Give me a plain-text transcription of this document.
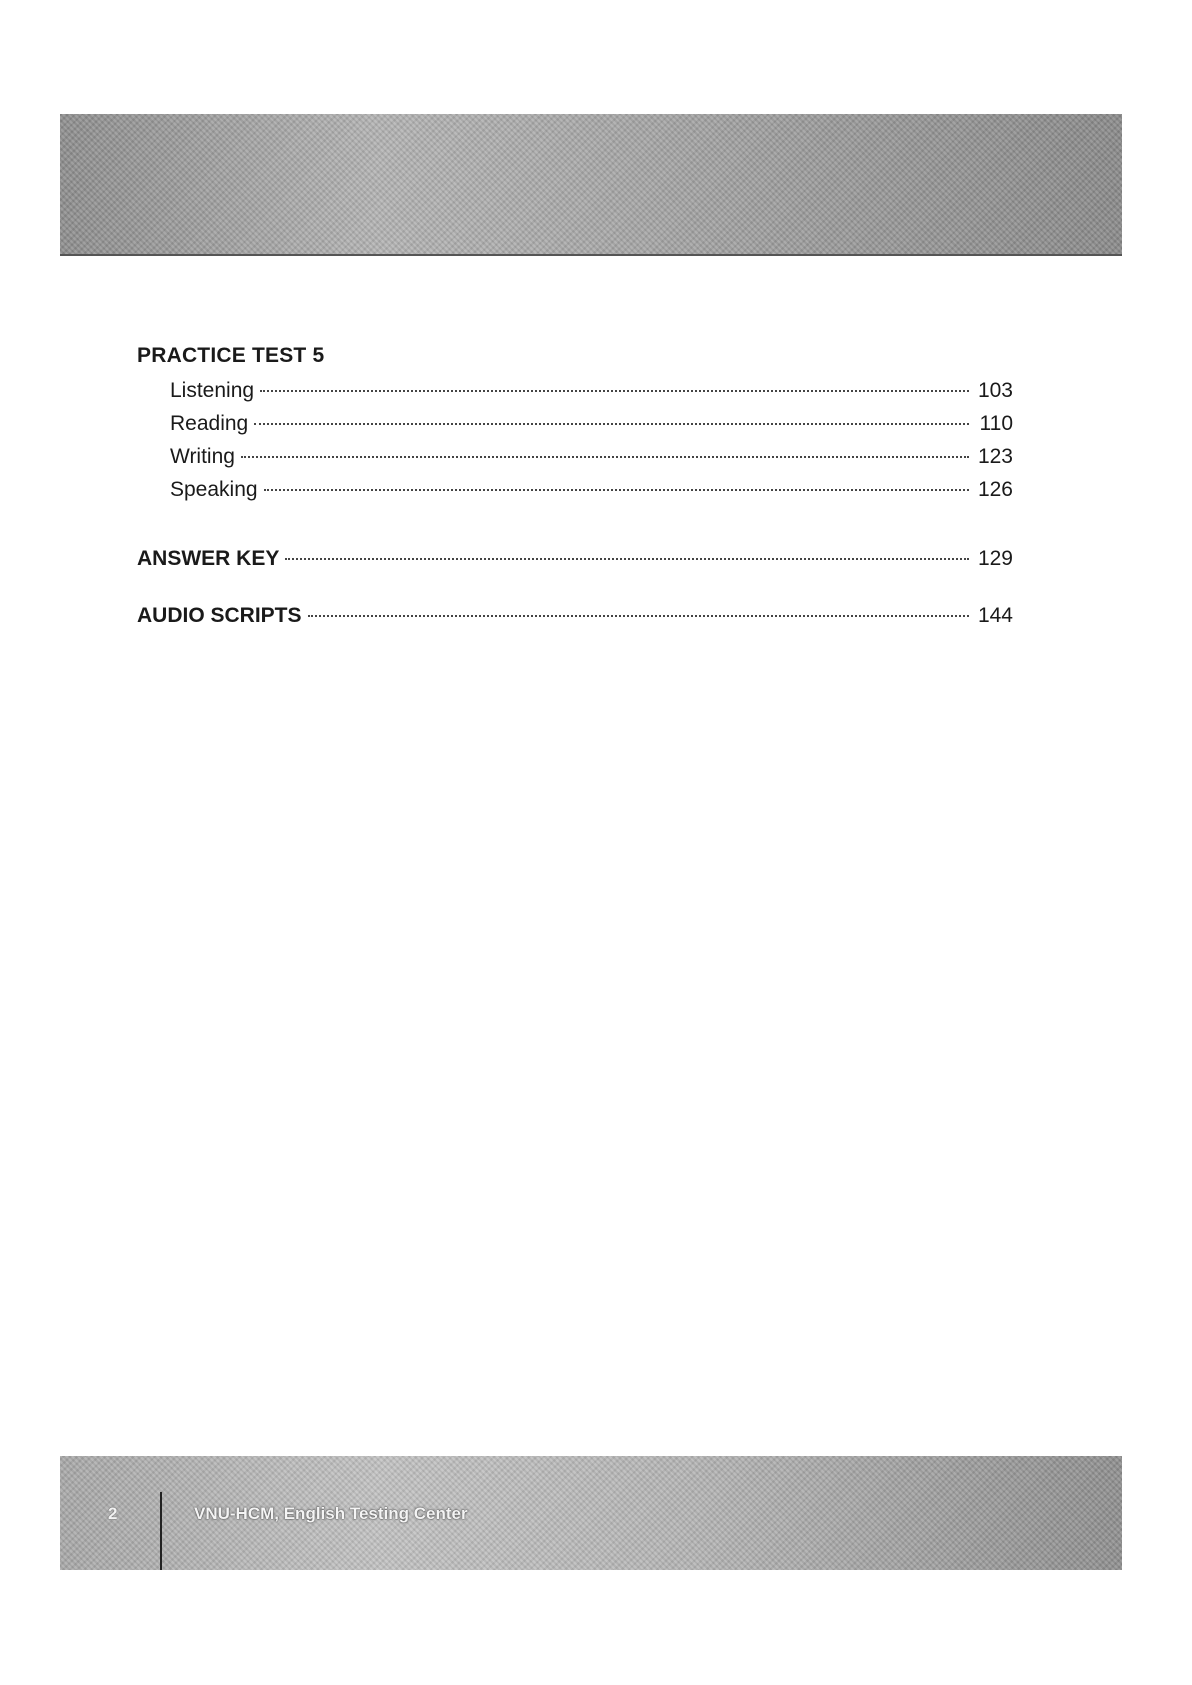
PRACTICE TEST 5
Listening	103
Reading	110
Writing	123
Speaking	126
ANSWER KEY	129
AUDIO SCRIPTS	144
2	VNU-HCM, English Testing Center
